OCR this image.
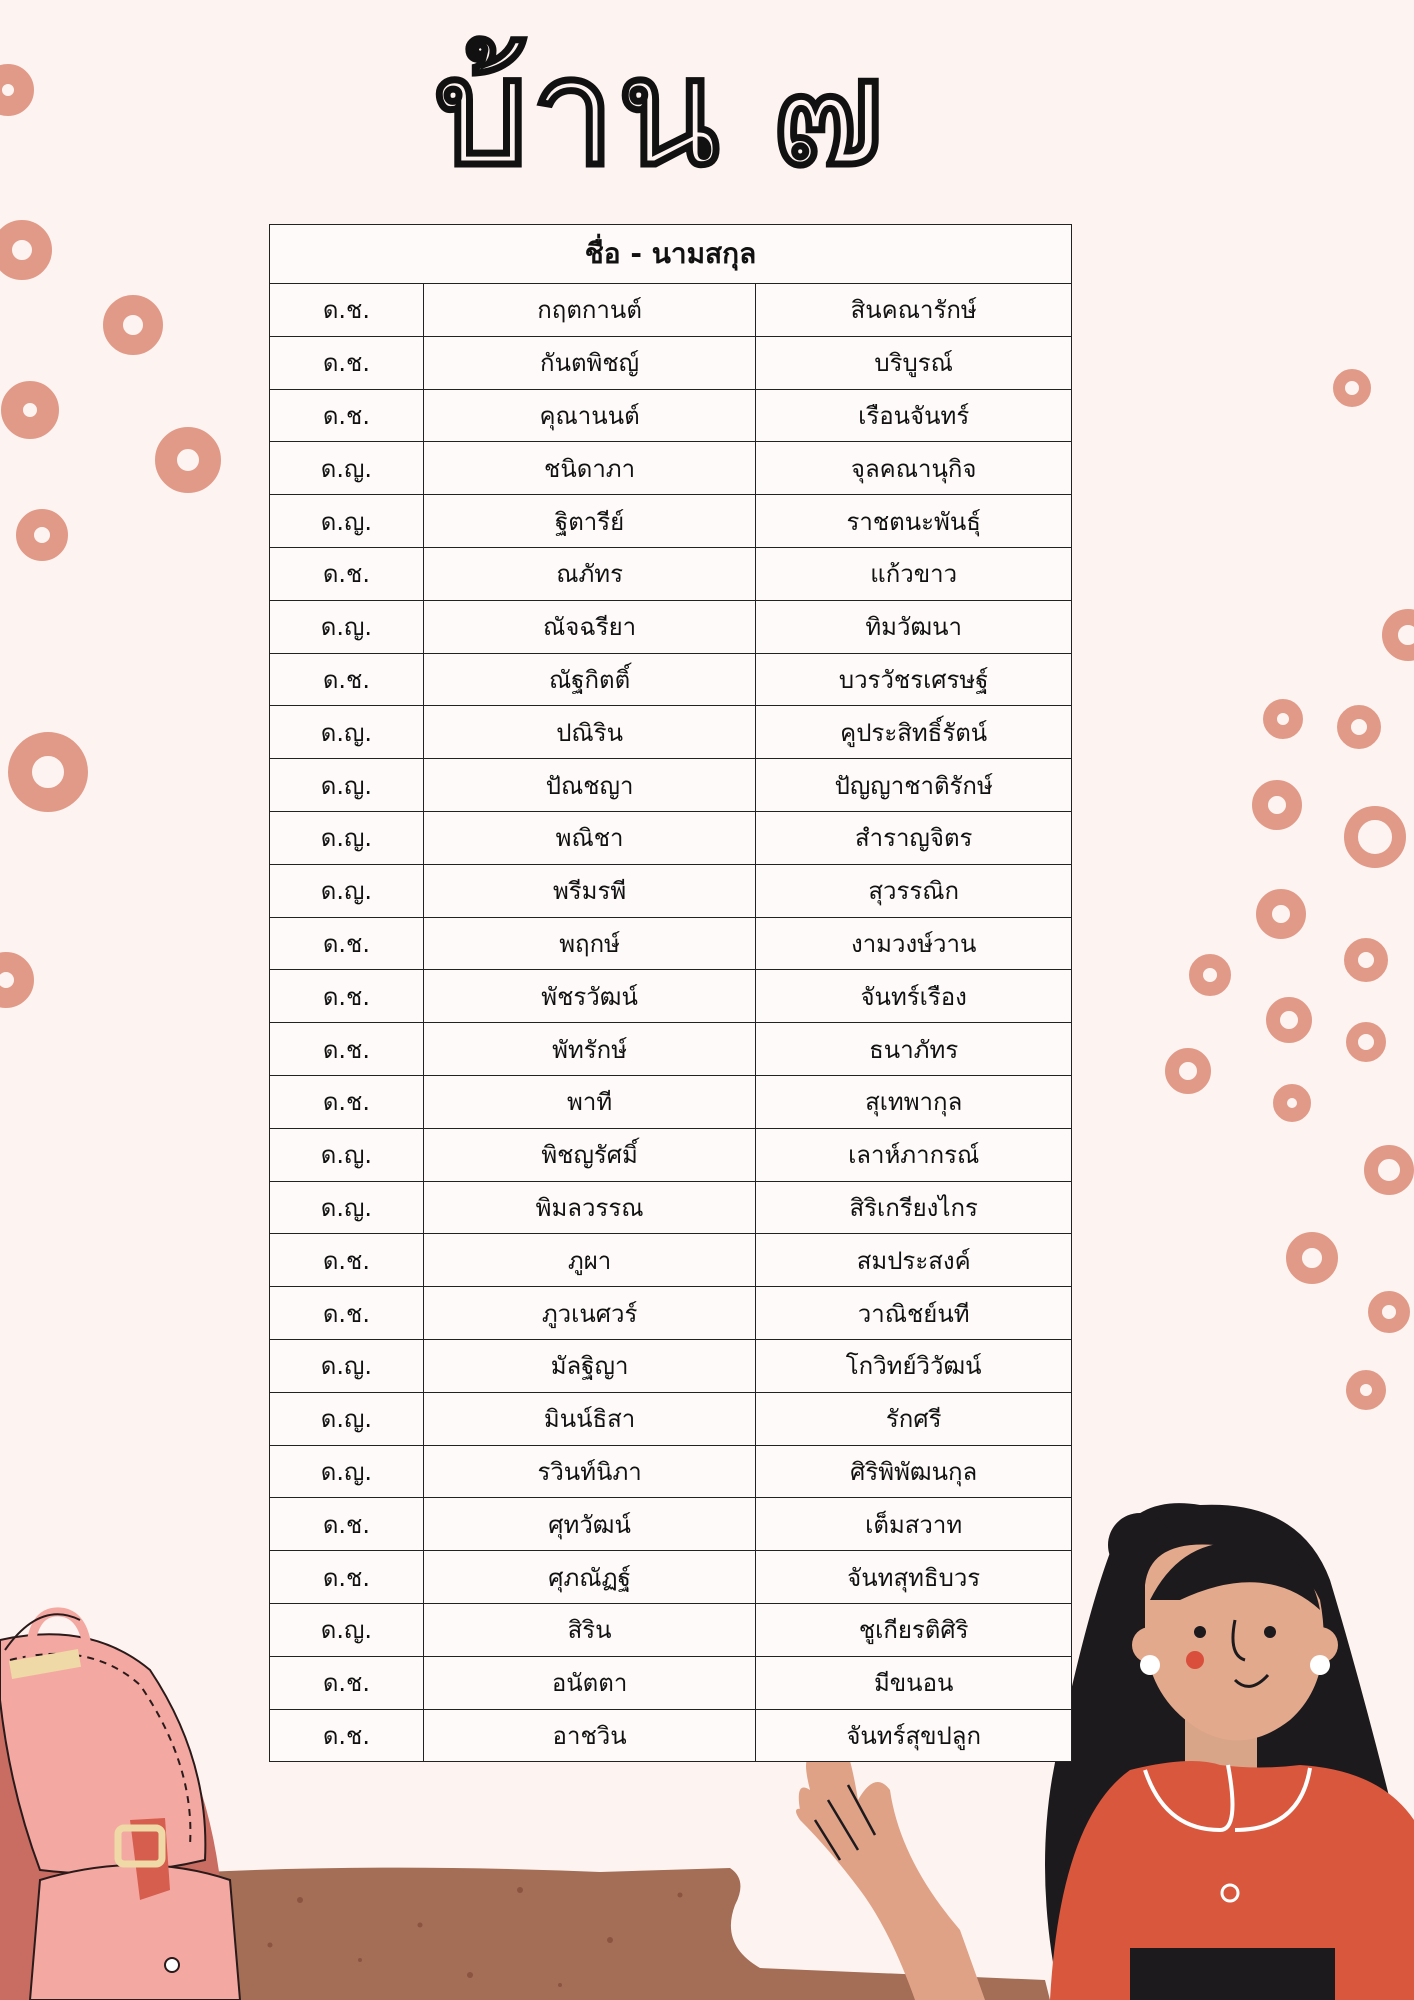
บ้าน ๗
ชื่อ - นามสกุล		
ด.ช.	กฤตกานต์	สินคณารักษ์
ด.ช.	กันตพิชญ์	บริบูรณ์
ด.ช.	คุณานนต์	เรือนจันทร์
ด.ญ.	ชนิดาภา	จุลคณานุกิจ
ด.ญ.	ฐิตารีย์	ราชตนะพันธุ์
ด.ช.	ณภัทร	แก้วขาว
ด.ญ.	ณัจฉรียา	ทิมวัฒนา
ด.ช.	ณัฐกิตติ์	บวรวัชรเศรษฐ์
ด.ญ.	ปณิริน	คูประสิทธิ์รัตน์
ด.ญ.	ปัณชญา	ปัญญาชาติรักษ์
ด.ญ.	พณิชา	สำราญจิตร
ด.ญ.	พรีมรพี	สุวรรณิก
ด.ช.	พฤกษ์	งามวงษ์วาน
ด.ช.	พัชรวัฒน์	จันทร์เรือง
ด.ช.	พัทรักษ์	ธนาภัทร
ด.ช.	พาที	สุเทพากุล
ด.ญ.	พิชญรัศมิ์	เลาห์ภากรณ์
ด.ญ.	พิมลวรรณ	สิริเกรียงไกร
ด.ช.	ภูผา	สมประสงค์
ด.ช.	ภูวเนศวร์	วาณิชย์นที
ด.ญ.	มัลฐิญา	โกวิทย์วิวัฒน์
ด.ญ.	มินน์ธิสา	รักศรี
ด.ญ.	รวินท์นิภา	ศิริพิพัฒนกุล
ด.ช.	ศุทวัฒน์	เต็มสวาท
ด.ช.	ศุภณัฏฐ์	จันทสุทธิบวร
ด.ญ.	สิริน	ชูเกียรติศิริ
ด.ช.	อนัตตา	มีขนอน
ด.ช.	อาชวิน	จันทร์สุขปลูก
